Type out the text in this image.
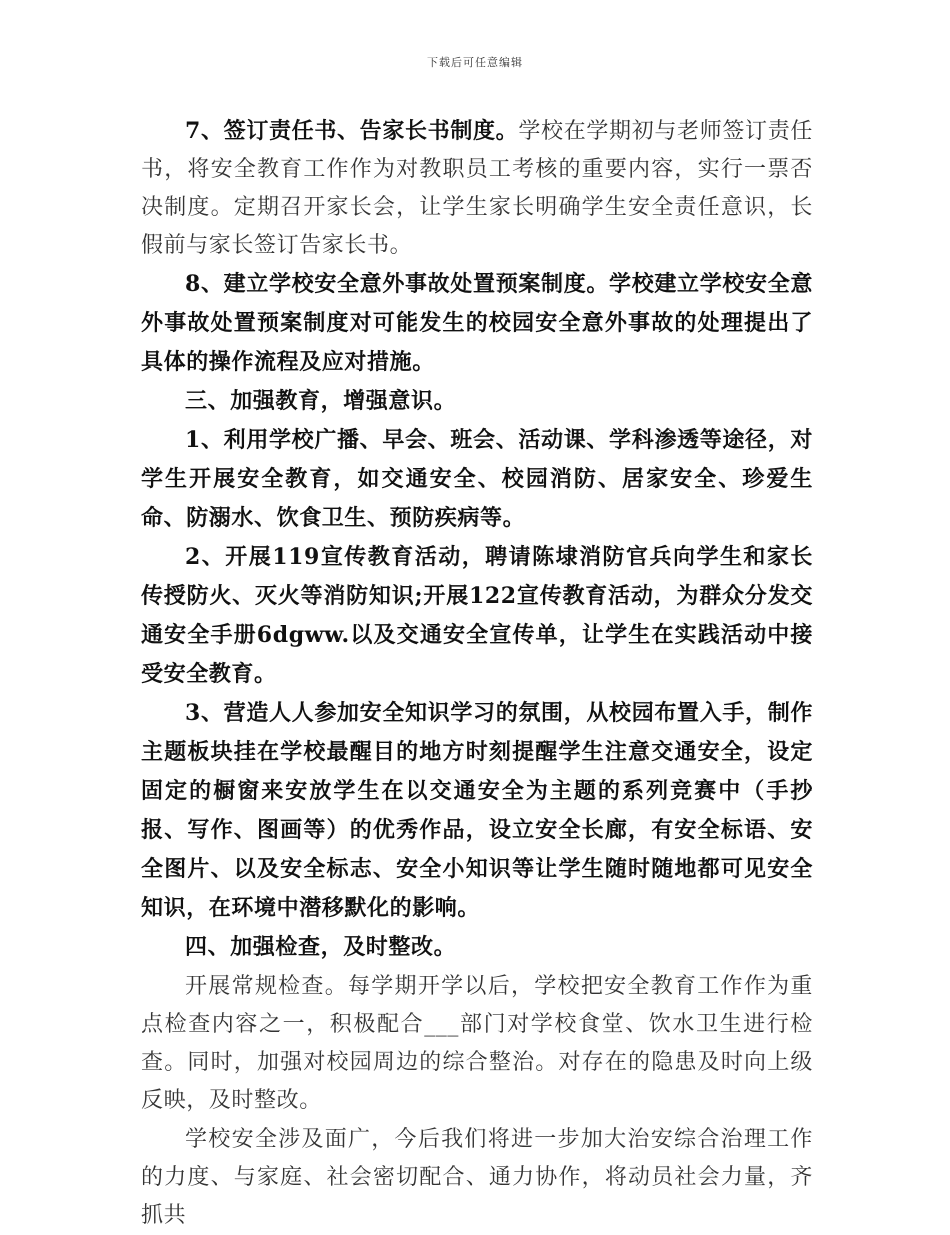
下载后可任意编辑

7、签订责任书、告家长书制度。学校在学期初与老师签订责任书，将安全教育工作作为对教职员工考核的重要内容，实行一票否决制度。定期召开家长会，让学生家长明确学生安全责任意识，长假前与家长签订告家长书。

8、建立学校安全意外事故处置预案制度。学校建立学校安全意外事故处置预案制度对可能发生的校园安全意外事故的处理提出了具体的操作流程及应对措施。

三、加强教育，增强意识。

1、利用学校广播、早会、班会、活动课、学科渗透等途径，对学生开展安全教育，如交通安全、校园消防、居家安全、珍爱生命、防溺水、饮食卫生、预防疾病等。

2、开展119宣传教育活动，聘请陈埭消防官兵向学生和家长传授防火、灭火等消防知识;开展122宣传教育活动，为群众分发交通安全手册6dgww.以及交通安全宣传单，让学生在实践活动中接受安全教育。

3、营造人人参加安全知识学习的氛围，从校园布置入手，制作主题板块挂在学校最醒目的地方时刻提醒学生注意交通安全，设定固定的橱窗来安放学生在以交通安全为主题的系列竞赛中（手抄报、写作、图画等）的优秀作品，设立安全长廊，有安全标语、安全图片、以及安全标志、安全小知识等让学生随时随地都可见安全知识，在环境中潜移默化的影响。

四、加强检查，及时整改。

开展常规检查。每学期开学以后，学校把安全教育工作作为重点检查内容之一，积极配合___部门对学校食堂、饮水卫生进行检查。同时，加强对校园周边的综合整治。对存在的隐患及时向上级反映，及时整改。

学校安全涉及面广，今后我们将进一步加大治安综合治理工作的力度、与家庭、社会密切配合、通力协作，将动员社会力量，齐抓共
